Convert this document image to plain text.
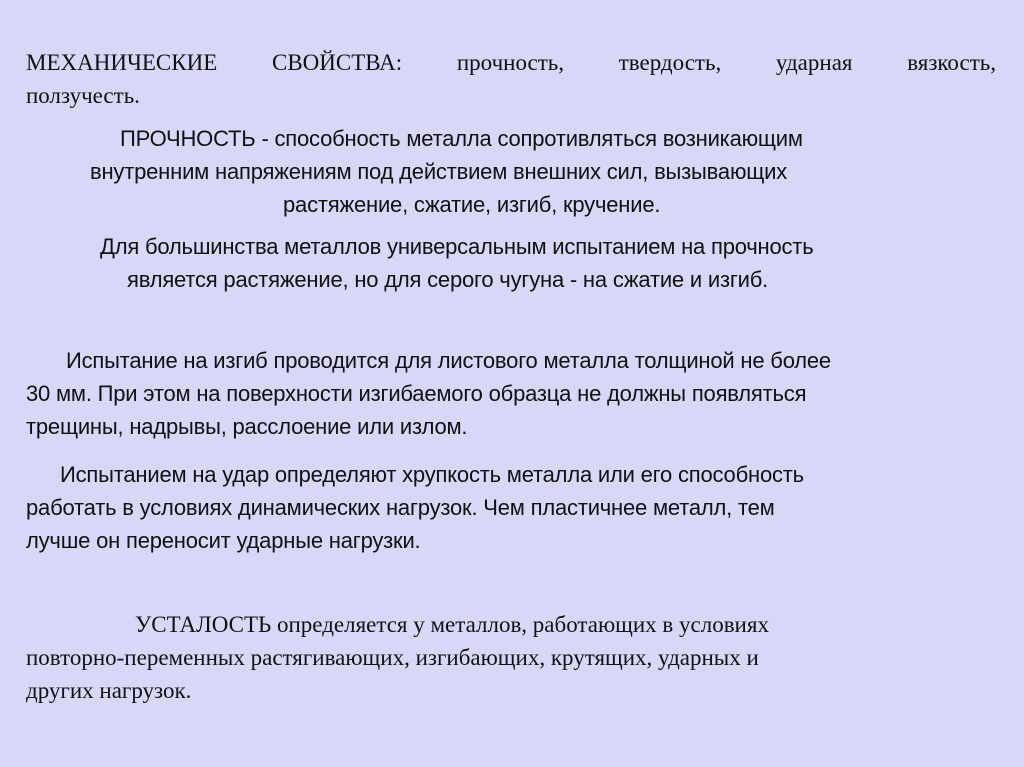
МЕХАНИЧЕСКИЕ СВОЙСТВА: прочность, твердость, ударная вязкость,
ползучесть.
ПРОЧНОСТЬ - способность металла сопротивляться возникающим
внутренним напряжениям под действием внешних сил, вызывающих
растяжение, сжатие, изгиб, кручение.
Для большинства металлов универсальным испытанием на прочность
является растяжение, но для серого чугуна - на сжатие и изгиб.
Испытание на изгиб проводится для листового металла толщиной не более
30 мм. При этом на поверхности изгибаемого образца не должны появляться
трещины, надрывы, расслоение или излом.
Испытанием на удар определяют хрупкость металла или его способность
работать в условиях динамических нагрузок. Чем пластичнее металл, тем
лучше он переносит ударные нагрузки.
УСТАЛОСТЬ определяется у металлов, работающих в условиях
повторно-переменных растягивающих, изгибающих, крутящих, ударных и
других нагрузок.
